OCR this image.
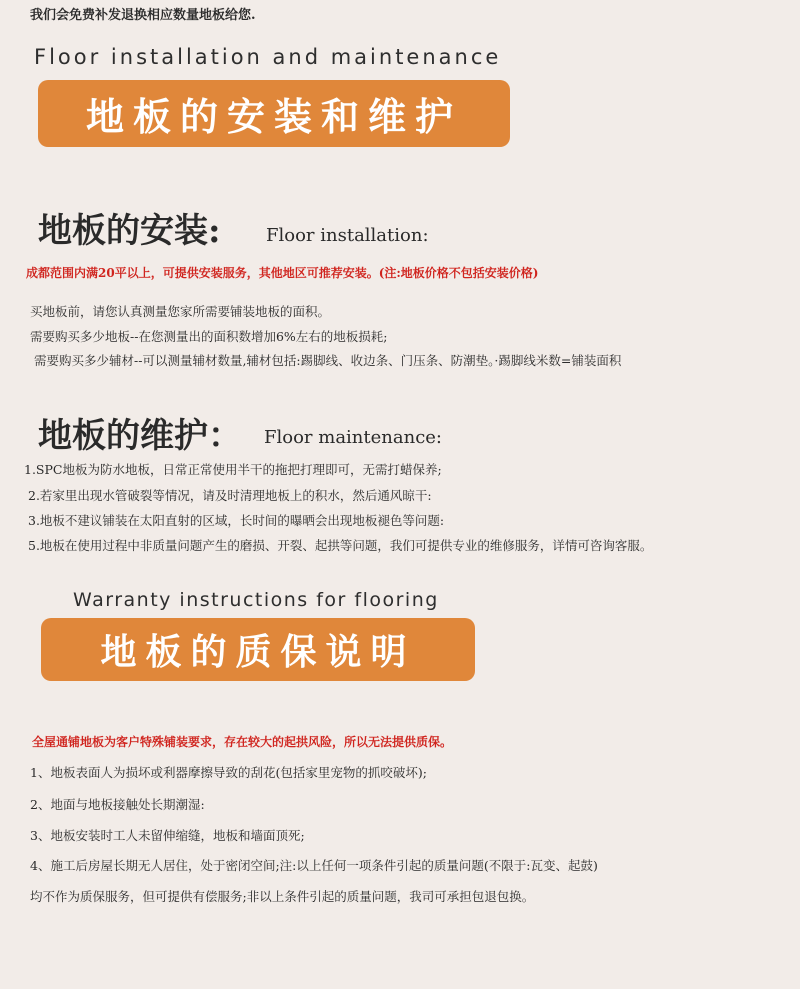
我们会免费补发退换相应数量地板给您.
Floor installation and maintenance
地板的安装和维护
地板的安装:	Floor installation:
成都范围内满20平以上，可提供安装服务，其他地区可推荐安装。(注:地板价格不包括安装价格)
买地板前，请您认真测量您家所需要铺装地板的面积。
需要购买多少地板--在您测量出的面积数增加6%左右的地板损耗;
需要购买多少辅材--可以测量辅材数量,辅材包括:踢脚线、收边条、门压条、防潮垫。·踢脚线米数=铺装面积
地板的维护： Floor maintenance:
1.SPC地板为防水地板，日常正常使用半干的拖把打理即可，无需打蜡保养;
2.若家里出现水管破裂等情况，请及时清理地板上的积水，然后通风晾干:
3.地板不建议铺装在太阳直射的区域，长时间的曝晒会出现地板褪色等问题:
5.地板在使用过程中非质量问题产生的磨损、开裂、起拱等问题，我们可提供专业的维修服务，详情可咨询客服。
Warranty instructions for flooring
地板的质保说明
全屋通铺地板为客户特殊铺装要求，存在较大的起拱风险，所以无法提供质保。
1、地板表面人为损坏或利器摩擦导致的刮花(包括家里宠物的抓咬破坏);
2、地面与地板接触处长期潮湿:
3、地板安装时工人未留伸缩缝，地板和墙面顶死;
4、施工后房屋长期无人居住，处于密闭空间;注:以上任何一项条件引起的质量问题(不限于:瓦变、起鼓)
均不作为质保服务，但可提供有偿服务;非以上条件引起的质量问题，我司可承担包退包换。
